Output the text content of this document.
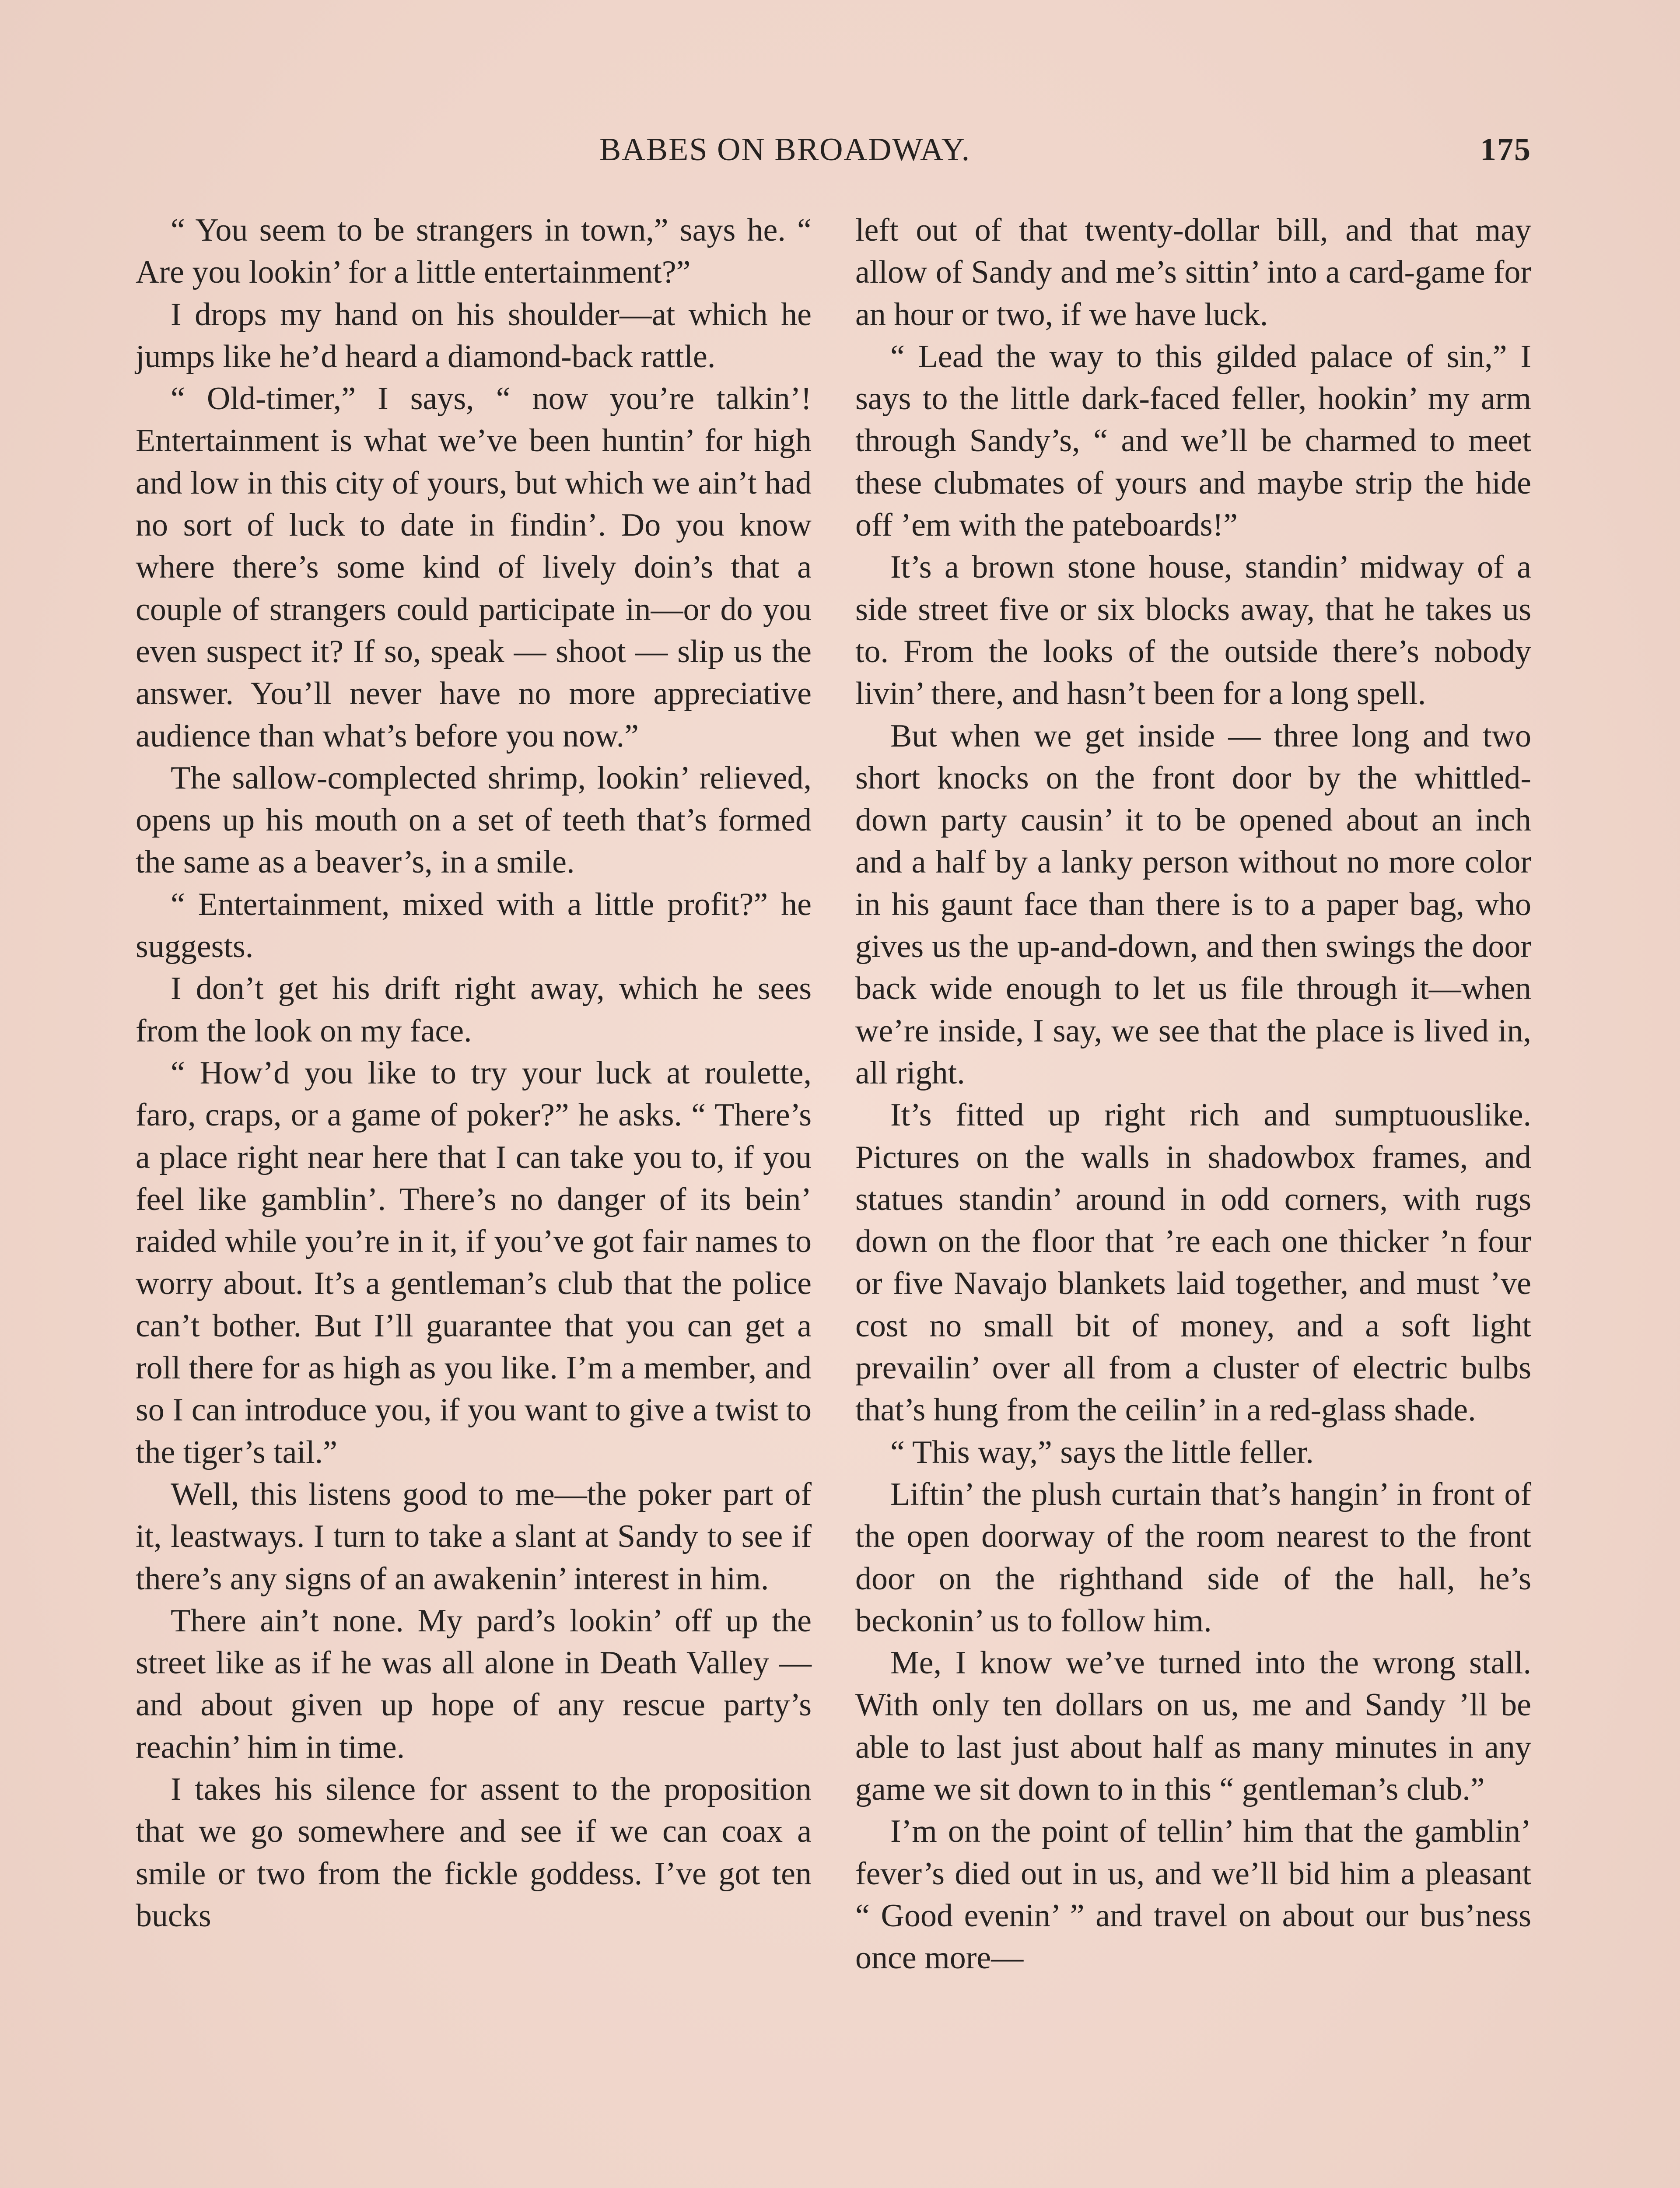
BABES ON BROADWAY.	175

“ You seem to be strangers in town,” says he. “ Are you lookin’ for a little entertainment?”

I drops my hand on his shoulder—at which he jumps like he’d heard a diamond-back rattle.

“ Old-timer,” I says, “ now you’re talkin’! Entertainment is what we’ve been huntin’ for high and low in this city of yours, but which we ain’t had no sort of luck to date in findin’. Do you know where there’s some kind of lively doin’s that a couple of strangers could participate in—or do you even suspect it? If so, speak — shoot — slip us the answer. You’ll never have no more appreciative audience than what’s before you now.”

The sallow-complected shrimp, lookin’ relieved, opens up his mouth on a set of teeth that’s formed the same as a beaver’s, in a smile.

“ Entertainment, mixed with a little profit?” he suggests.

I don’t get his drift right away, which he sees from the look on my face.

“ How’d you like to try your luck at roulette, faro, craps, or a game of poker?” he asks. “ There’s a place right near here that I can take you to, if you feel like gamblin’. There’s no danger of its bein’ raided while you’re in it, if you’ve got fair names to worry about. It’s a gentleman’s club that the police can’t bother. But I’ll guarantee that you can get a roll there for as high as you like. I’m a member, and so I can introduce you, if you want to give a twist to the tiger’s tail.”

Well, this listens good to me—the poker part of it, leastways. I turn to take a slant at Sandy to see if there’s any signs of an awakenin’ interest in him.

There ain’t none. My pard’s lookin’ off up the street like as if he was all alone in Death Valley — and about given up hope of any rescue party’s reachin’ him in time.

I takes his silence for assent to the proposition that we go somewhere and see if we can coax a smile or two from the fickle goddess. I’ve got ten bucks

left out of that twenty-dollar bill, and that may allow of Sandy and me’s sittin’ into a card-game for an hour or two, if we have luck.

“ Lead the way to this gilded palace of sin,” I says to the little dark-faced feller, hookin’ my arm through Sandy’s, “ and we’ll be charmed to meet these clubmates of yours and maybe strip the hide off ’em with the pateboards!”

It’s a brown stone house, standin’ midway of a side street five or six blocks away, that he takes us to. From the looks of the outside there’s nobody livin’ there, and hasn’t been for a long spell.

But when we get inside — three long and two short knocks on the front door by the whittled-down party causin’ it to be opened about an inch and a half by a lanky person without no more color in his gaunt face than there is to a paper bag, who gives us the up-and-down, and then swings the door back wide enough to let us file through it—when we’re inside, I say, we see that the place is lived in, all right.

It’s fitted up right rich and sumptuouslike. Pictures on the walls in shadowbox frames, and statues standin’ around in odd corners, with rugs down on the floor that ’re each one thicker ’n four or five Navajo blankets laid together, and must ’ve cost no small bit of money, and a soft light prevailin’ over all from a cluster of electric bulbs that’s hung from the ceilin’ in a red-glass shade.

“ This way,” says the little feller.

Liftin’ the plush curtain that’s hangin’ in front of the open doorway of the room nearest to the front door on the righthand side of the hall, he’s beckonin’ us to follow him.

Me, I know we’ve turned into the wrong stall. With only ten dollars on us, me and Sandy ’ll be able to last just about half as many minutes in any game we sit down to in this “ gentleman’s club.”

I’m on the point of tellin’ him that the gamblin’ fever’s died out in us, and we’ll bid him a pleasant “ Good evenin’ ” and travel on about our bus’ness once more—
